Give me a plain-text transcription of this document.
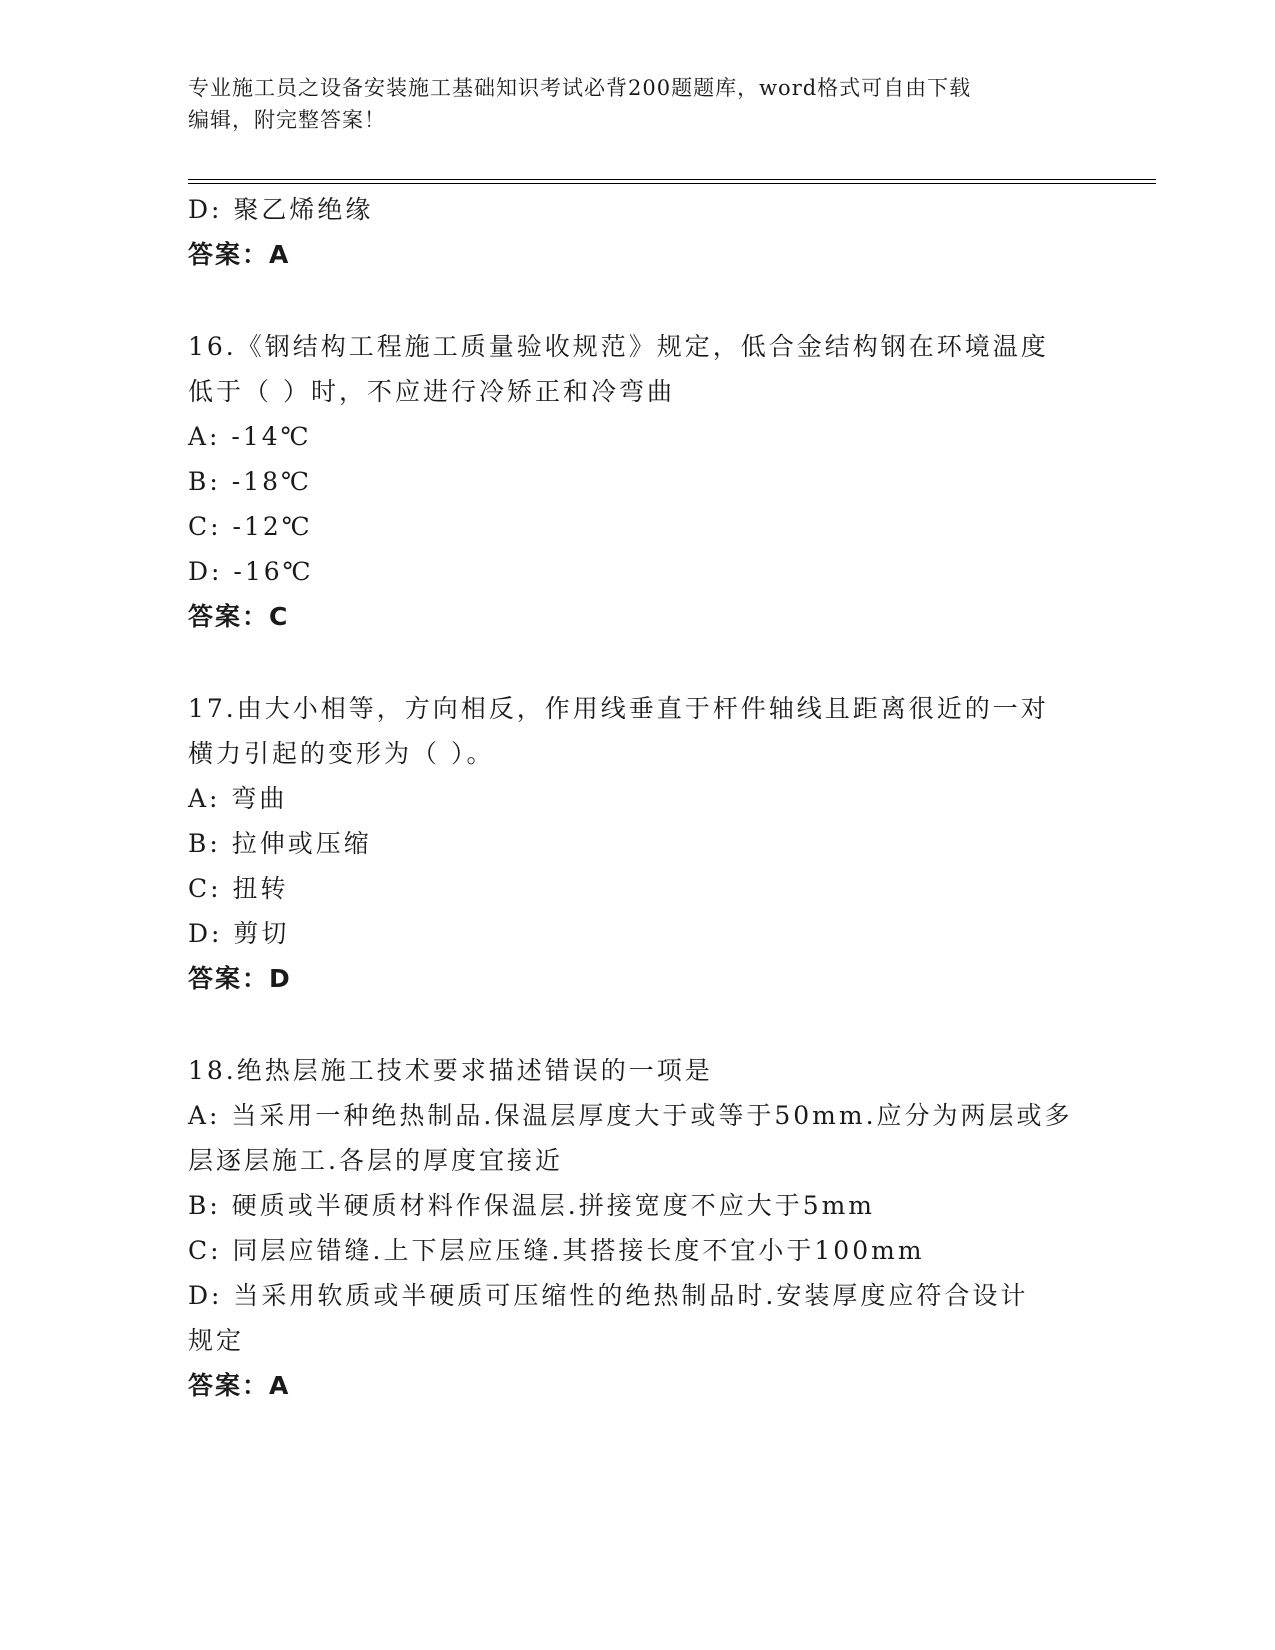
专业施工员之设备安装施工基础知识考试必背200题题库，word格式可自由下载
编辑，附完整答案！
D: 聚乙烯绝缘
答案：A
16.《钢结构工程施工质量验收规范》规定，低合金结构钢在环境温度
低于（ ）时，不应进行冷矫正和冷弯曲
A: -14℃
B: -18℃
C: -12℃
D: -16℃
答案：C
17.由大小相等，方向相反，作用线垂直于杆件轴线且距离很近的一对
横力引起的变形为（ ）。
A: 弯曲
B: 拉伸或压缩
C: 扭转
D: 剪切
答案：D
18.绝热层施工技术要求描述错误的一项是
A: 当采用一种绝热制品.保温层厚度大于或等于50mm.应分为两层或多
层逐层施工.各层的厚度宜接近
B: 硬质或半硬质材料作保温层.拼接宽度不应大于5mm
C: 同层应错缝.上下层应压缝.其搭接长度不宜小于100mm
D: 当采用软质或半硬质可压缩性的绝热制品时.安装厚度应符合设计
规定
答案：A
